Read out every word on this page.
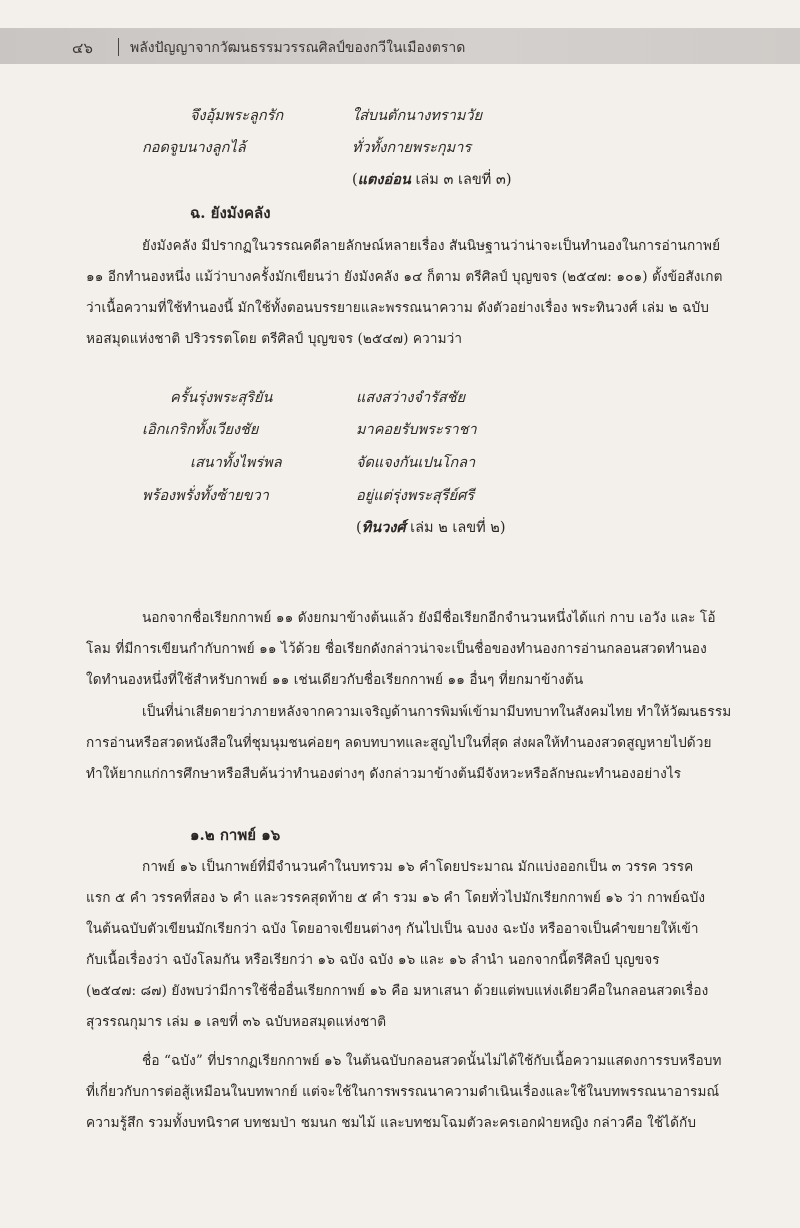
๔๖	พลังปัญญาจากวัฒนธรรมวรรณศิลป์ของกวีในเมืองตราด
จึงอุ้มพระลูกรัก	ใส่บนตักนางทรามวัย
กอดจูบนางลูกไล้	ทั่วทั้งกายพระกุมาร
(แตงอ่อน เล่ม ๓ เลขที่ ๓)
ฉ. ยังมังคลัง
ยังมังคลัง มีปรากฏในวรรณคดีลายลักษณ์หลายเรื่อง สันนิษฐานว่าน่าจะเป็นทำนองในการอ่านกาพย์
๑๑ อีกทำนองหนึ่ง แม้ว่าบางครั้งมักเขียนว่า ยังมังคลัง ๑๔ ก็ตาม ตรีศิลป์ บุญขจร (๒๕๔๗: ๑๐๑) ตั้งข้อสังเกต
ว่าเนื้อความที่ใช้ทำนองนี้ มักใช้ทั้งตอนบรรยายและพรรณนาความ ดังตัวอย่างเรื่อง พระทินวงศ์ เล่ม ๒ ฉบับ
หอสมุดแห่งชาติ ปริวรรตโดย ตรีศิลป์ บุญขจร (๒๕๔๗) ความว่า
ครั้นรุ่งพระสุริยัน	แสงสว่างจำรัสชัย
เอิกเกริกทั้งเวียงชัย	มาคอยรับพระราชา
เสนาทั้งไพร่พล	จัดแจงกันเปนโกลา
พร้องพรั่งทั้งซ้ายขวา	อยู่แต่รุ่งพระสุรีย์ศรี
(ทินวงศ์ เล่ม ๒ เลขที่ ๒)
นอกจากชื่อเรียกกาพย์ ๑๑ ดังยกมาข้างต้นแล้ว ยังมีชื่อเรียกอีกจำนวนหนึ่งได้แก่ กาบ เอวัง และ โอ้
โลม ที่มีการเขียนกำกับกาพย์ ๑๑ ไว้ด้วย ชื่อเรียกดังกล่าวน่าจะเป็นชื่อของทำนองการอ่านกลอนสวดทำนอง
ใดทำนองหนึ่งที่ใช้สำหรับกาพย์ ๑๑ เช่นเดียวกับชื่อเรียกกาพย์ ๑๑ อื่นๆ ที่ยกมาข้างต้น
เป็นที่น่าเสียดายว่าภายหลังจากความเจริญด้านการพิมพ์เข้ามามีบทบาทในสังคมไทย ทำให้วัฒนธรรม
การอ่านหรือสวดหนังสือในที่ชุมนุมชนค่อยๆ ลดบทบาทและสูญไปในที่สุด ส่งผลให้ทำนองสวดสูญหายไปด้วย
ทำให้ยากแก่การศึกษาหรือสืบค้นว่าทำนองต่างๆ ดังกล่าวมาข้างต้นมีจังหวะหรือลักษณะทำนองอย่างไร
๑.๒ กาพย์ ๑๖
กาพย์ ๑๖ เป็นกาพย์ที่มีจำนวนคำในบทรวม ๑๖ คำโดยประมาณ มักแบ่งออกเป็น ๓ วรรค วรรค
แรก ๕ คำ วรรคที่สอง ๖ คำ และวรรคสุดท้าย ๕ คำ รวม ๑๖ คำ โดยทั่วไปมักเรียกกาพย์ ๑๖ ว่า กาพย์ฉบัง
ในต้นฉบับตัวเขียนมักเรียกว่า ฉบัง โดยอาจเขียนต่างๆ กันไปเป็น ฉบงง ฉะบัง หรืออาจเป็นคำขยายให้เข้า
กับเนื้อเรื่องว่า ฉบังโลมกัน หรือเรียกว่า ๑๖ ฉบัง ฉบัง ๑๖ และ ๑๖ ลำนำ นอกจากนี้ตรีศิลป์ บุญขจร
(๒๕๔๗: ๘๗) ยังพบว่ามีการใช้ชื่ออื่นเรียกกาพย์ ๑๖ คือ มหาเสนา ด้วยแต่พบแห่งเดียวคือในกลอนสวดเรื่อง
สุวรรณกุมาร เล่ม ๑ เลขที่ ๓๖ ฉบับหอสมุดแห่งชาติ
ชื่อ “ฉบัง” ที่ปรากฏเรียกกาพย์ ๑๖ ในต้นฉบับกลอนสวดนั้นไม่ได้ใช้กับเนื้อความแสดงการรบหรือบท
ที่เกี่ยวกับการต่อสู้เหมือนในบทพากย์ แต่จะใช้ในการพรรณนาความดำเนินเรื่องและใช้ในบทพรรณนาอารมณ์
ความรู้สึก รวมทั้งบทนิราศ บทชมป่า ชมนก ชมไม้ และบทชมโฉมตัวละครเอกฝ่ายหญิง กล่าวคือ ใช้ได้กับ
